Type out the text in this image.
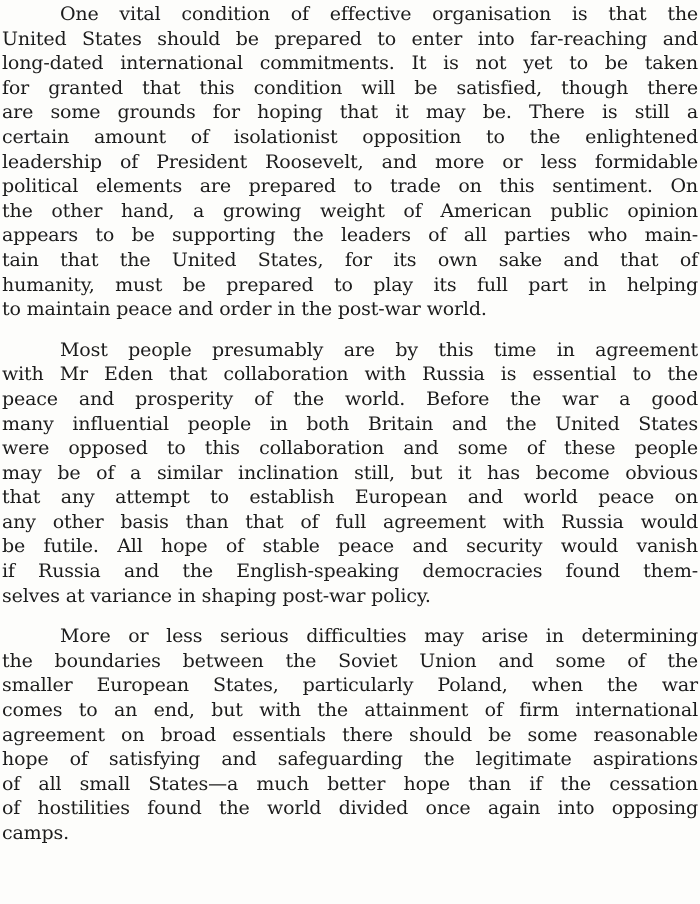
One vital condition of effective organisation is that the
United States should be prepared to enter into far-reaching and
long-dated international commitments. It is not yet to be taken
for granted that this condition will be satisfied, though there
are some grounds for hoping that it may be. There is still a
certain amount of isolationist opposition to the enlightened
leadership of President Roosevelt, and more or less formidable
political elements are prepared to trade on this sentiment. On
the other hand, a growing weight of American public opinion
appears to be supporting the leaders of all parties who main-
tain that the United States, for its own sake and that of
humanity, must be prepared to play its full part in helping
to maintain peace and order in the post-war world.

Most people presumably are by this time in agreement
with Mr Eden that collaboration with Russia is essential to the
peace and prosperity of the world. Before the war a good
many influential people in both Britain and the United States
were opposed to this collaboration and some of these people
may be of a similar inclination still, but it has become obvious
that any attempt to establish European and world peace on
any other basis than that of full agreement with Russia would
be futile. All hope of stable peace and security would vanish
if Russia and the English-speaking democracies found them-
selves at variance in shaping post-war policy.

More or less serious difficulties may arise in determining
the boundaries between the Soviet Union and some of the
smaller European States, particularly Poland, when the war
comes to an end, but with the attainment of firm international
agreement on broad essentials there should be some reasonable
hope of satisfying and safeguarding the legitimate aspirations
of all small States—a much better hope than if the cessation
of hostilities found the world divided once again into opposing
camps.
